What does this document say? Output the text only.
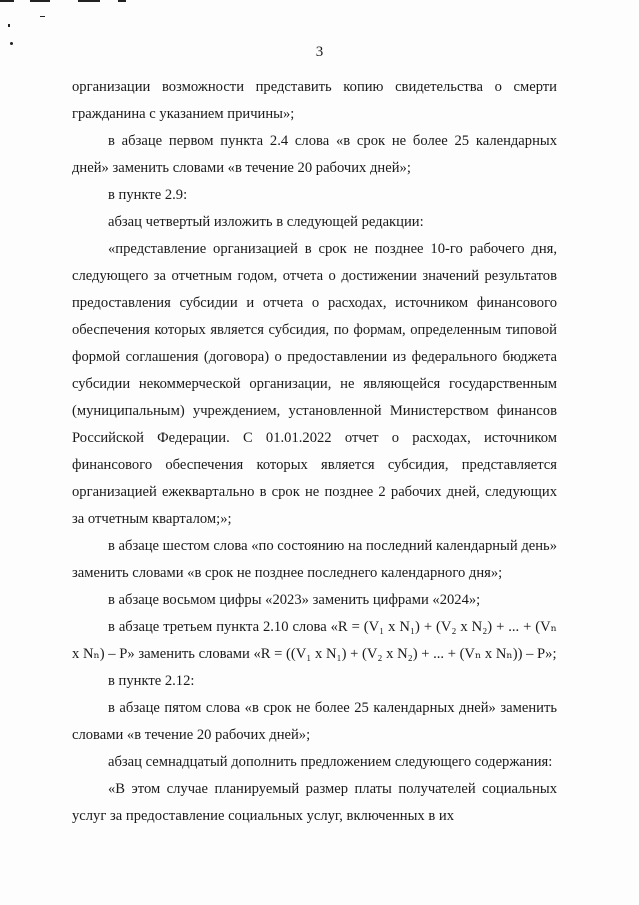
3

организации возможности представить копию свидетельства о смерти гражданина с указанием причины»;

в абзаце первом пункта 2.4 слова «в срок не более 25 календарных дней» заменить словами «в течение 20 рабочих дней»;

в пункте 2.9:

абзац четвертый изложить в следующей редакции:

«представление организацией в срок не позднее 10-го рабочего дня, следующего за отчетным годом, отчета о достижении значений результатов предоставления субсидии и отчета о расходах, источником финансового обеспечения которых является субсидия, по формам, определенным типовой формой соглашения (договора) о предоставлении из федерального бюджета субсидии некоммерческой организации, не являющейся государственным (муниципальным) учреждением, установленной Министерством финансов Российской Федерации. С 01.01.2022 отчет о расходах, источником финансового обеспечения которых является субсидия, представляется организацией ежеквартально в срок не позднее 2 рабочих дней, следующих за отчетным кварталом;»;

в абзаце шестом слова «по состоянию на последний календарный день» заменить словами «в срок не позднее последнего календарного дня»;

в абзаце восьмом цифры «2023» заменить цифрами «2024»;

в абзаце третьем пункта 2.10 слова «R = (V₁ x N₁) + (V₂ x N₂) + ... + (Vₙ x Nₙ) – P» заменить словами «R = ((V₁ x N₁) + (V₂ x N₂) + ... + (Vₙ x Nₙ)) – P»;

в пункте 2.12:

в абзаце пятом слова «в срок не более 25 календарных дней» заменить словами «в течение 20 рабочих дней»;

абзац семнадцатый дополнить предложением следующего содержания:

«В этом случае планируемый размер платы получателей социальных услуг за предоставление социальных услуг, включенных в их
